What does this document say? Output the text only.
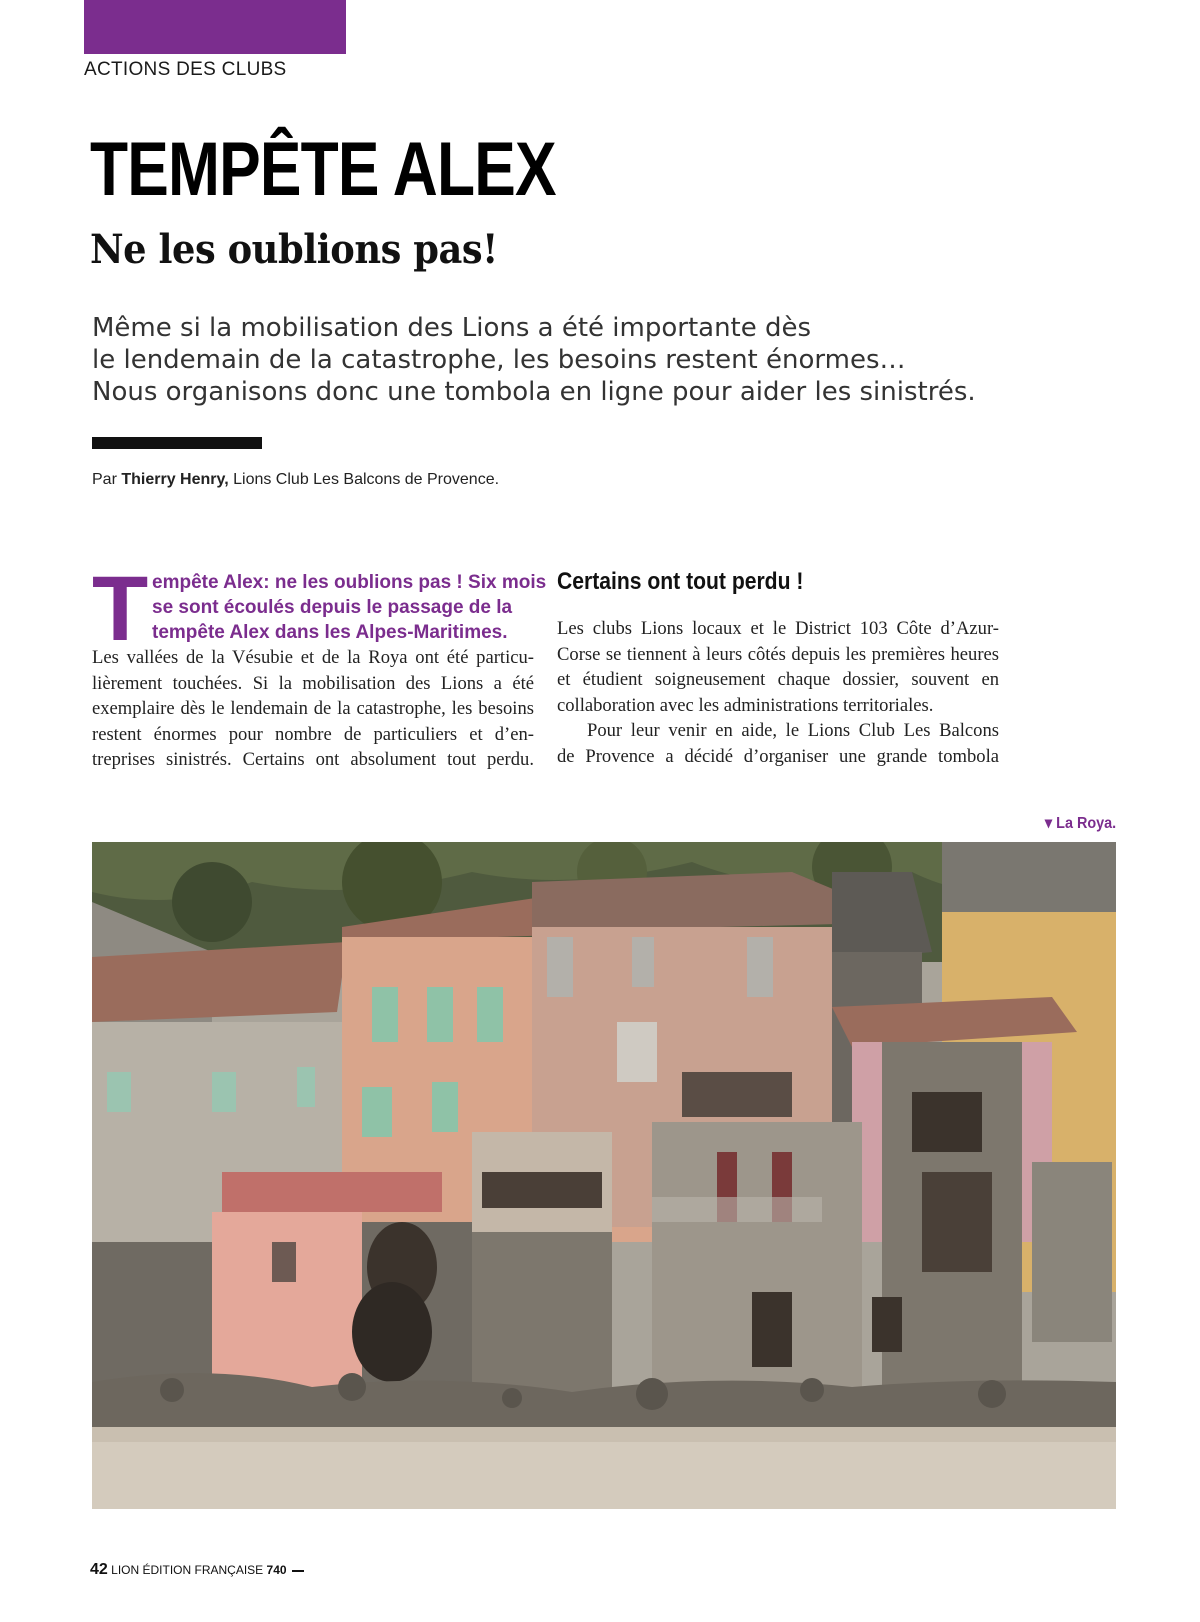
ACTIONS DES CLUBS
TEMPÊTE ALEX
Ne les oublions pas!
Même si la mobilisation des Lions a été importante dès
le lendemain de la catastrophe, les besoins restent énormes…
Nous organisons donc une tombola en ligne pour aider les sinistrés.
Par Thierry Henry, Lions Club Les Balcons de Provence.
T empête Alex: ne les oublions pas ! Six mois
se sont écoulés depuis le passage de la
tempête Alex dans les Alpes-Maritimes.
Les vallées de la Vésubie et de la Roya ont été particu-
lièrement touchées. Si la mobilisation des Lions a été
exemplaire dès le lendemain de la catastrophe, les besoins
restent énormes pour nombre de particuliers et d’en-
treprises sinistrés. Certains ont absolument tout perdu.
Certains ont tout perdu !
Les clubs Lions locaux et le District 103 Côte d’Azur-
Corse se tiennent à leurs côtés depuis les premières heures
et étudient soigneusement chaque dossier, souvent en
collaboration avec les administrations territoriales.
Pour leur venir en aide, le Lions Club Les Balcons
de Provence a décidé d’organiser une grande tombola
▾ La Roya.
42 LION ÉDITION FRANÇAISE 740
